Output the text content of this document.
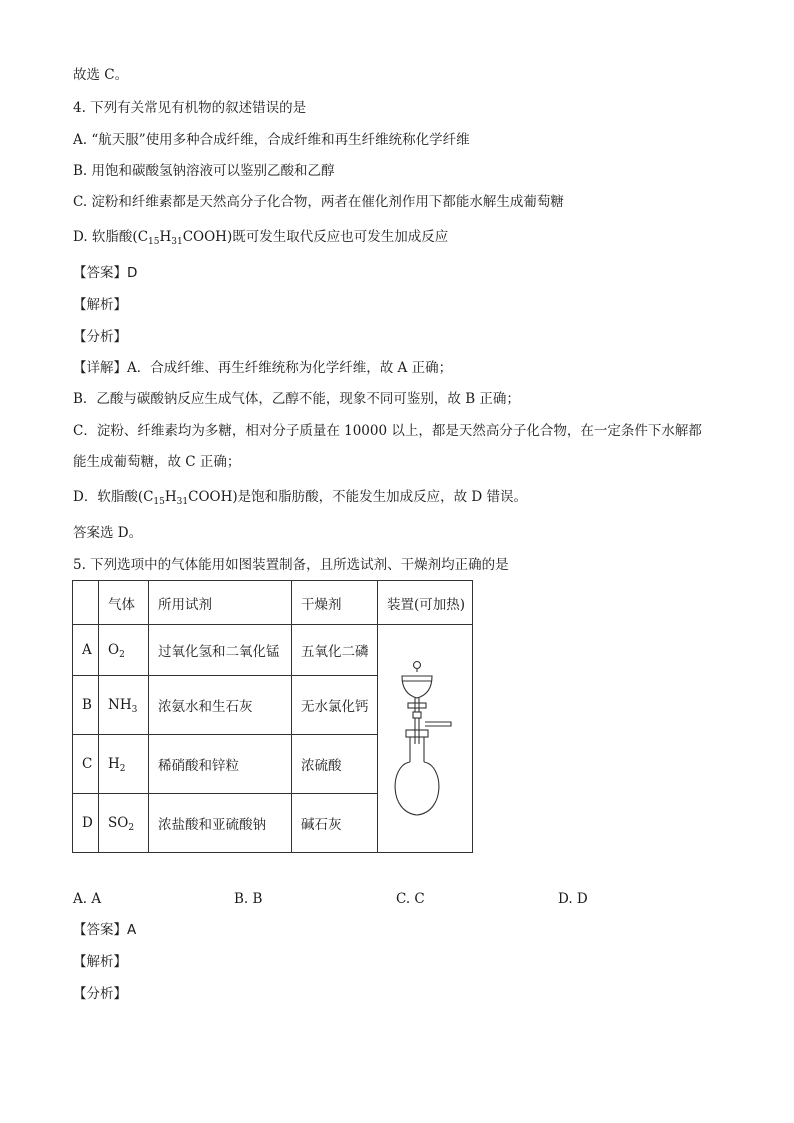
故选 C。
4. 下列有关常见有机物的叙述错误的是
A. “航天服”使用多种合成纤维，合成纤维和再生纤维统称化学纤维
B. 用饱和碳酸氢钠溶液可以鉴别乙酸和乙醇
C. 淀粉和纤维素都是天然高分子化合物，两者在催化剂作用下都能水解生成葡萄糖
D. 软脂酸$(C_{15}H_{31}COOH)$既可发生取代反应也可发生加成反应
【答案】D
【解析】
【分析】
【详解】A．合成纤维、再生纤维统称为化学纤维，故 A 正确；
B．乙酸与碳酸钠反应生成气体，乙醇不能，现象不同可鉴别，故 B 正确；
C．淀粉、纤维素均为多糖，相对分子质量在 10000 以上，都是天然高分子化合物，在一定条件下水解都
能生成葡萄糖，故 C 正确；
D．软脂酸$(C_{15}H_{31}COOH)$是饱和脂肪酸，不能发生加成反应，故 D 错误。
答案选 D。
5. 下列选项中的气体能用如图装置制备，且所选试剂、干燥剂均正确的是
	气体	所用试剂	干燥剂	装置(可加热)
A	$O_2$	过氧化氢和二氧化锰	五氧化二磷	
B	$NH_3$	浓氨水和生石灰	无水氯化钙	
C	$H_2$	稀硝酸和锌粒	浓硫酸	
D	$SO_2$	浓盐酸和亚硫酸钠	碱石灰	
A. A	B. B	C. C	D. D
【答案】A
【解析】
【分析】
